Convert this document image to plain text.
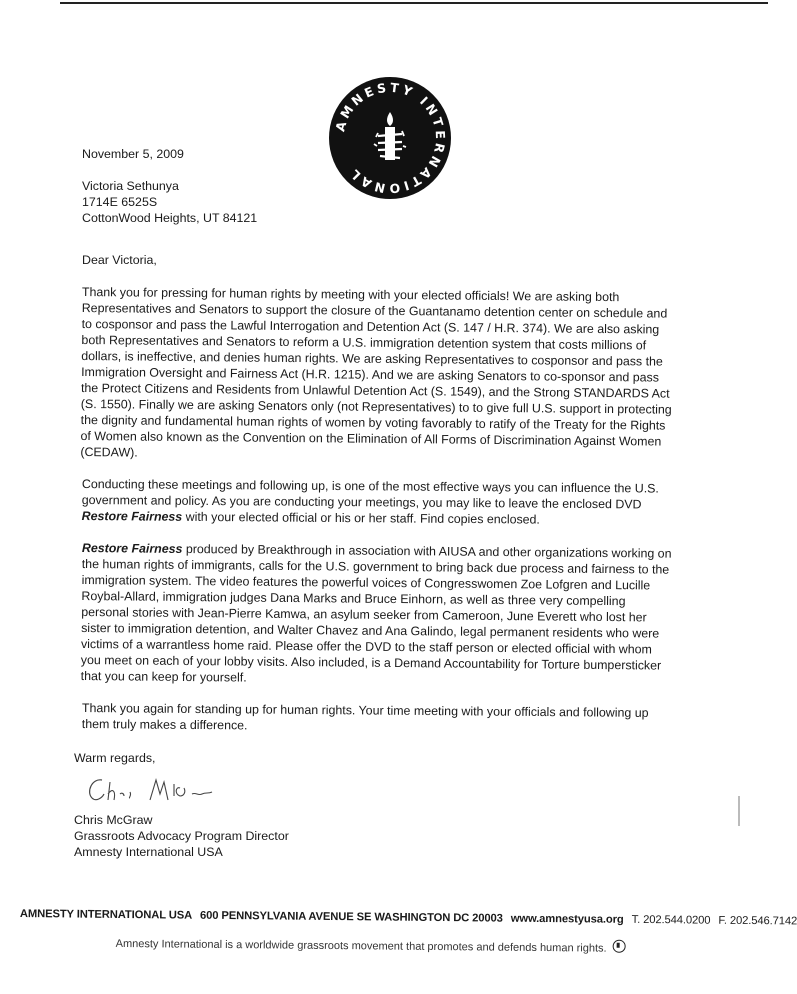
AMNESTY INTERNATIONAL

November 5, 2009

Victoria Sethunya
1714E 6525S
CottonWood Heights, UT 84121

Dear Victoria,

Thank you for pressing for human rights by meeting with your elected officials! We are asking both Representatives and Senators to support the closure of the Guantanamo detention center on schedule and to cosponsor and pass the Lawful Interrogation and Detention Act (S. 147 / H.R. 374). We are also asking both Representatives and Senators to reform a U.S. immigration detention system that costs millions of dollars, is ineffective, and denies human rights. We are asking Representatives to cosponsor and pass the Immigration Oversight and Fairness Act (H.R. 1215). And we are asking Senators to co-sponsor and pass the Protect Citizens and Residents from Unlawful Detention Act (S. 1549), and the Strong STANDARDS Act (S. 1550). Finally we are asking Senators only (not Representatives) to to give full U.S. support in protecting the dignity and fundamental human rights of women by voting favorably to ratify of the Treaty for the Rights of Women also known as the Convention on the Elimination of All Forms of Discrimination Against Women (CEDAW).

Conducting these meetings and following up, is one of the most effective ways you can influence the U.S. government and policy. As you are conducting your meetings, you may like to leave the enclosed DVD Restore Fairness with your elected official or his or her staff. Find copies enclosed.

Restore Fairness produced by Breakthrough in association with AIUSA and other organizations working on the human rights of immigrants, calls for the U.S. government to bring back due process and fairness to the immigration system. The video features the powerful voices of Congresswomen Zoe Lofgren and Lucille Roybal-Allard, immigration judges Dana Marks and Bruce Einhorn, as well as three very compelling personal stories with Jean-Pierre Kamwa, an asylum seeker from Cameroon, June Everett who lost her sister to immigration detention, and Walter Chavez and Ana Galindo, legal permanent residents who were victims of a warrantless home raid. Please offer the DVD to the staff person or elected official with whom you meet on each of your lobby visits. Also included, is a Demand Accountability for Torture bumpersticker that you can keep for yourself.

Thank you again for standing up for human rights. Your time meeting with your officials and following up them truly makes a difference.

Warm regards,

Chris McGraw
Grassroots Advocacy Program Director
Amnesty International USA
AMNESTY INTERNATIONAL USA 600 PENNSYLVANIA AVENUE SE WASHINGTON DC 20003 www.amnestyusa.org T. 202.544.0200 F. 202.546.7142
Amnesty International is a worldwide grassroots movement that promotes and defends human rights.
